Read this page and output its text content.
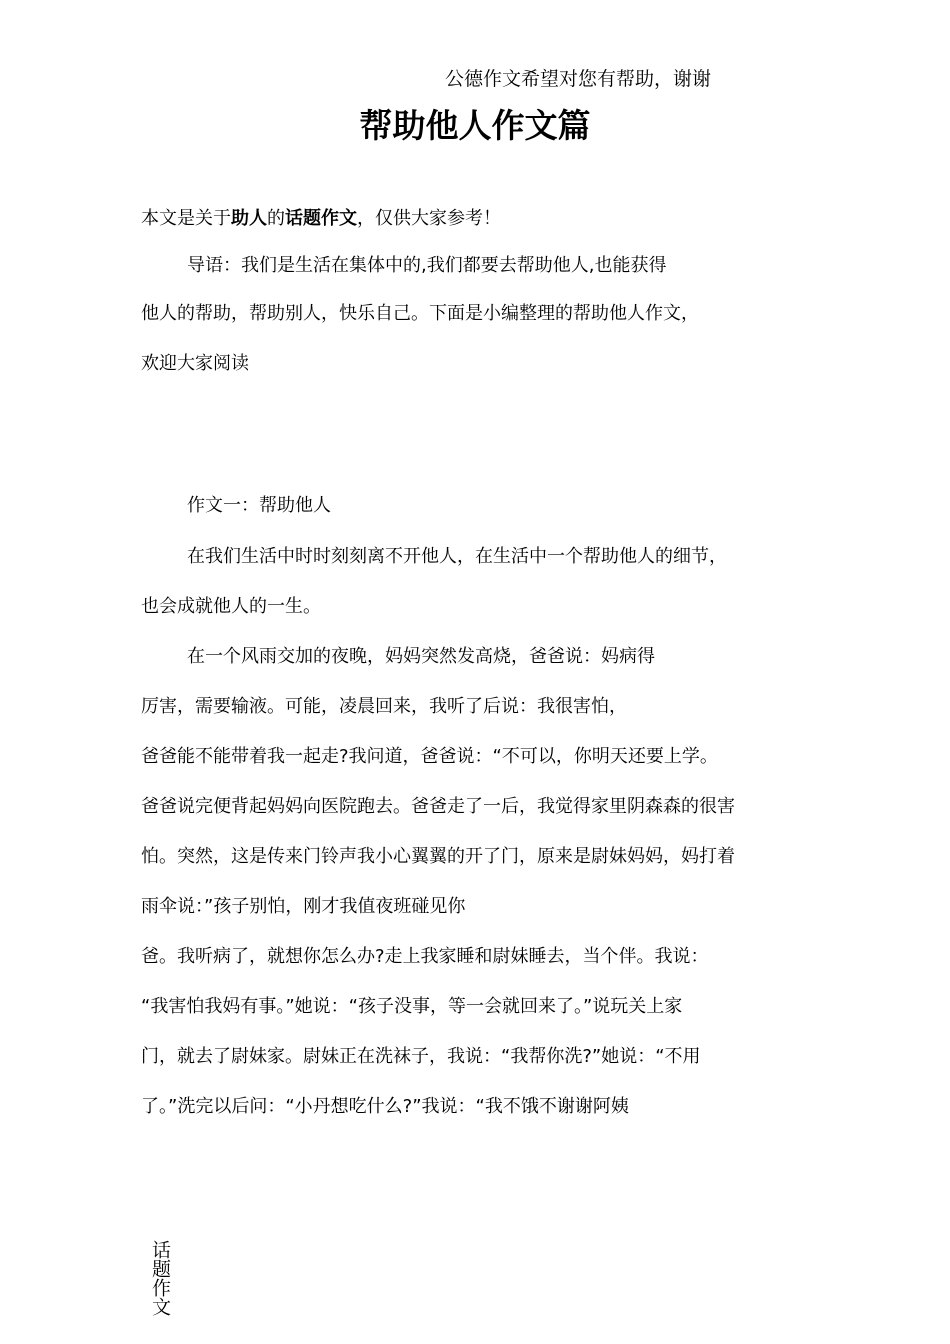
公德作文希望对您有帮助，谢谢
帮助他人作文篇
本文是关于助人的话题作文，仅供大家参考！
导语：我们是生活在集体中的,我们都要去帮助他人,也能获得
他人的帮助，帮助别人，快乐自己。下面是小编整理的帮助他人作文，
欢迎大家阅读
作文一：帮助他人
在我们生活中时时刻刻离不开他人，在生活中一个帮助他人的细节，
也会成就他人的一生。
在一个风雨交加的夜晚，妈妈突然发高烧，爸爸说：妈病得
厉害，需要输液。可能，凌晨回来，我听了后说：我很害怕，
爸爸能不能带着我一起走?我问道，爸爸说：“不可以，你明天还要上学。
爸爸说完便背起妈妈向医院跑去。爸爸走了一后，我觉得家里阴森森的很害
怕。突然，这是传来门铃声我小心翼翼的开了门，原来是尉妹妈妈，妈打着
雨伞说：”孩子别怕，刚才我值夜班碰见你
爸。我听病了，就想你怎么办?走上我家睡和尉妹睡去，当个伴。我说：
“我害怕我妈有事。”她说：“孩子没事，等一会就回来了。”说玩关上家
门，就去了尉妹家。尉妹正在洗袜子，我说：“我帮你洗?”她说：“不用
了。”洗完以后问：“小丹想吃什么?”我说：“我不饿不谢谢阿姨
话题作文
